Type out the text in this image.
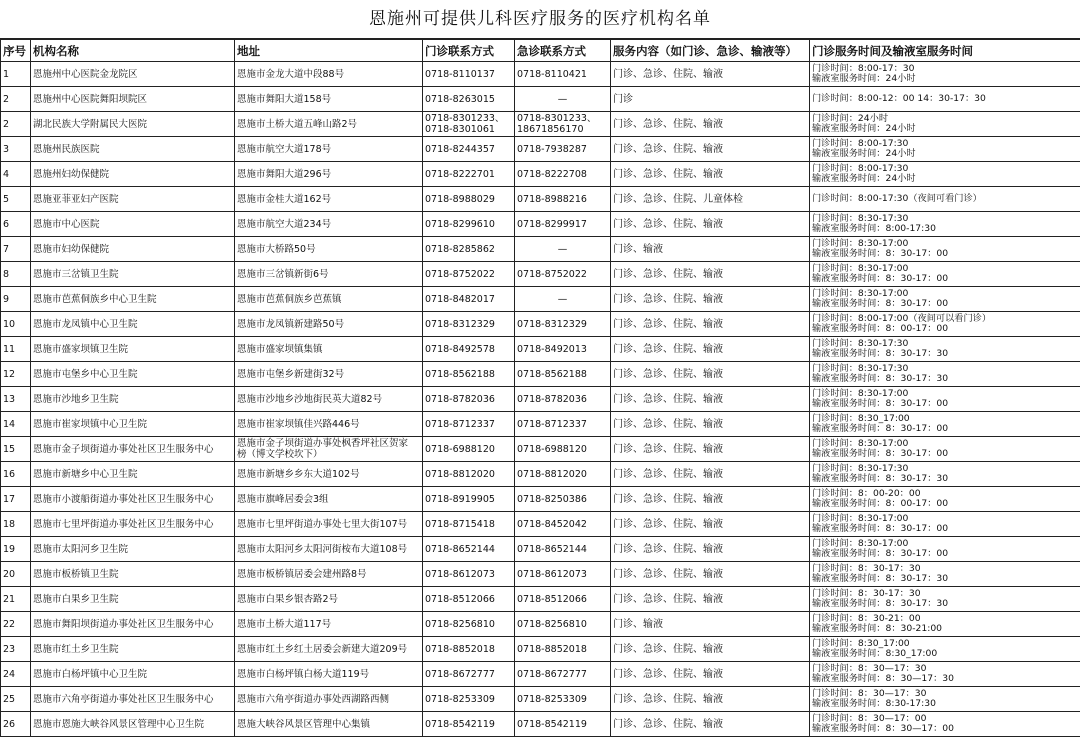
恩施州可提供儿科医疗服务的医疗机构名单
序号	机构名称	地址	门诊联系方式	急诊联系方式	服务内容（如门诊、急诊、输液等）	门诊服务时间及输液室服务时间
1	恩施州中心医院金龙院区	恩施市金龙大道中段88号	0718-8110137	0718-8110421	门诊、急诊、住院、输液	门诊时间：8:00-17：30
输液室服务时间：24小时
2	恩施州中心医院舞阳坝院区	恩施市舞阳大道158号	0718-8263015	—	门诊	门诊时间：8:00-12：00 14：30-17：30
2	湖北民族大学附属民大医院	恩施市土桥大道五峰山路2号	0718-8301233、
0718-8301061	0718-8301233、
18671856170	门诊、急诊、住院、输液	门诊时间：24小时
输液室服务时间：24小时
3	恩施州民族医院	恩施市航空大道178号	0718-8244357	0718-7938287	门诊、急诊、住院、输液	门诊时间：8:00-17:30
输液室服务时间：24小时
4	恩施州妇幼保健院	恩施市舞阳大道296号	0718-8222701	0718-8222708	门诊、急诊、住院、输液	门诊时间：8:00-17:30
输液室服务时间：24小时
5	恩施亚菲亚妇产医院	恩施市金桂大道162号	0718-8988029	0718-8988216	门诊、急诊、住院、儿童体检	门诊时间：8:00-17:30（夜间可看门诊）
6	恩施市中心医院	恩施市航空大道234号	0718-8299610	0718-8299917	门诊、急诊、住院、输液	门诊时间：8:30-17:30
输液室服务时间：8:00-17:30
7	恩施市妇幼保健院	恩施市大桥路50号	0718-8285862	—	门诊、输液	门诊时间：8:30-17:00
输液室服务时间：8：30-17：00
8	恩施市三岔镇卫生院	恩施市三岔镇新街6号	0718-8752022	0718-8752022	门诊、急诊、住院、输液	门诊时间：8:30-17:00
输液室服务时间：8：30-17：00
9	恩施市芭蕉侗族乡中心卫生院	恩施市芭蕉侗族乡芭蕉镇	0718-8482017	—	门诊、急诊、住院、输液	门诊时间：8:30-17:00
输液室服务时间：8：30-17：00
10	恩施市龙凤镇中心卫生院	恩施市龙凤镇新建路50号	0718-8312329	0718-8312329	门诊、急诊、住院、输液	门诊时间：8:00-17:00（夜间可以看门诊）
输液室服务时间：8：00-17：00
11	恩施市盛家坝镇卫生院	恩施市盛家坝镇集镇	0718-8492578	0718-8492013	门诊、急诊、住院、输液	门诊时间：8:30-17:30
输液室服务时间：8：30-17：30
12	恩施市屯堡乡中心卫生院	恩施市屯堡乡新建街32号	0718-8562188	0718-8562188	门诊、急诊、住院、输液	门诊时间：8:30-17:30
输液室服务时间：8：30-17：30
13	恩施市沙地乡卫生院	恩施市沙地乡沙地街民英大道82号	0718-8782036	0718-8782036	门诊、急诊、住院、输液	门诊时间：8:30-17:00
输液室服务时间：8：30-17：00
14	恩施市崔家坝镇中心卫生院	恩施市崔家坝镇佳兴路446号	0718-8712337	0718-8712337	门诊、急诊、住院、输液	门诊时间：8:30_17:00
输液室服务时间：8：30-17：00
15	恩施市金子坝街道办事处社区卫生服务中心	恩施市金子坝街道办事处枫香坪社区贺家
榜（博文学校坎下）	0718-6988120	0718-6988120	门诊、急诊、住院、输液	门诊时间：8:30-17:00
输液室服务时间：8：30-17：00
16	恩施市新塘乡中心卫生院	恩施市新塘乡乡东大道102号	0718-8812020	0718-8812020	门诊、急诊、住院、输液	门诊时间：8:30-17:30
输液室服务时间：8：30-17：30
17	恩施市小渡船街道办事处社区卫生服务中心	恩施市旗峰居委会3组	0718-8919905	0718-8250386	门诊、急诊、住院、输液	门诊时间：8：00-20：00
输液室服务时间：8：00-17：00
18	恩施市七里坪街道办事处社区卫生服务中心	恩施市七里坪街道办事处七里大街107号	0718-8715418	0718-8452042	门诊、急诊、住院、输液	门诊时间：8:30-17:00
输液室服务时间：8：30-17：00
19	恩施市太阳河乡卫生院	恩施市太阳河乡太阳河街桉布大道108号	0718-8652144	0718-8652144	门诊、急诊、住院、输液	门诊时间：8:30-17:00
输液室服务时间：8：30-17：00
20	恩施市板桥镇卫生院	恩施市板桥镇居委会建州路8号	0718-8612073	0718-8612073	门诊、急诊、住院、输液	门诊时间：8：30-17：30
输液室服务时间：8：30-17：30
21	恩施市白果乡卫生院	恩施市白果乡银杏路2号	0718-8512066	0718-8512066	门诊、急诊、住院、输液	门诊时间：8：30-17：30
输液室服务时间：8：30-17：30
22	恩施市舞阳坝街道办事处社区卫生服务中心	恩施市土桥大道117号	0718-8256810	0718-8256810	门诊、输液	门诊时间：8：30-21：00
输液室服务时间：8：30-21:00
23	恩施市红土乡卫生院	恩施市红土乡红土居委会新建大道209号	0718-8852018	0718-8852018	门诊、急诊、住院、输液	门诊时间：8:30_17:00
输液室服务时间：8:30_17:00
24	恩施市白杨坪镇中心卫生院	恩施市白杨坪镇白杨大道119号	0718-8672777	0718-8672777	门诊、急诊、住院、输液	门诊时间：8：30—17：30
输液室服务时间：8：30—17：30
25	恩施市六角亭街道办事处社区卫生服务中心	恩施市六角亭街道办事处西湖路西侧	0718-8253309	0718-8253309	门诊、急诊、住院、输液	门诊时间：8：30—17：30
输液室服务时间：8:30-17:30
26	恩施市恩施大峡谷风景区管理中心卫生院	恩施大峡谷风景区管理中心集镇	0718-8542119	0718-8542119	门诊、急诊、住院、输液	门诊时间：8：30—17：00
输液室服务时间：8：30—17：00
